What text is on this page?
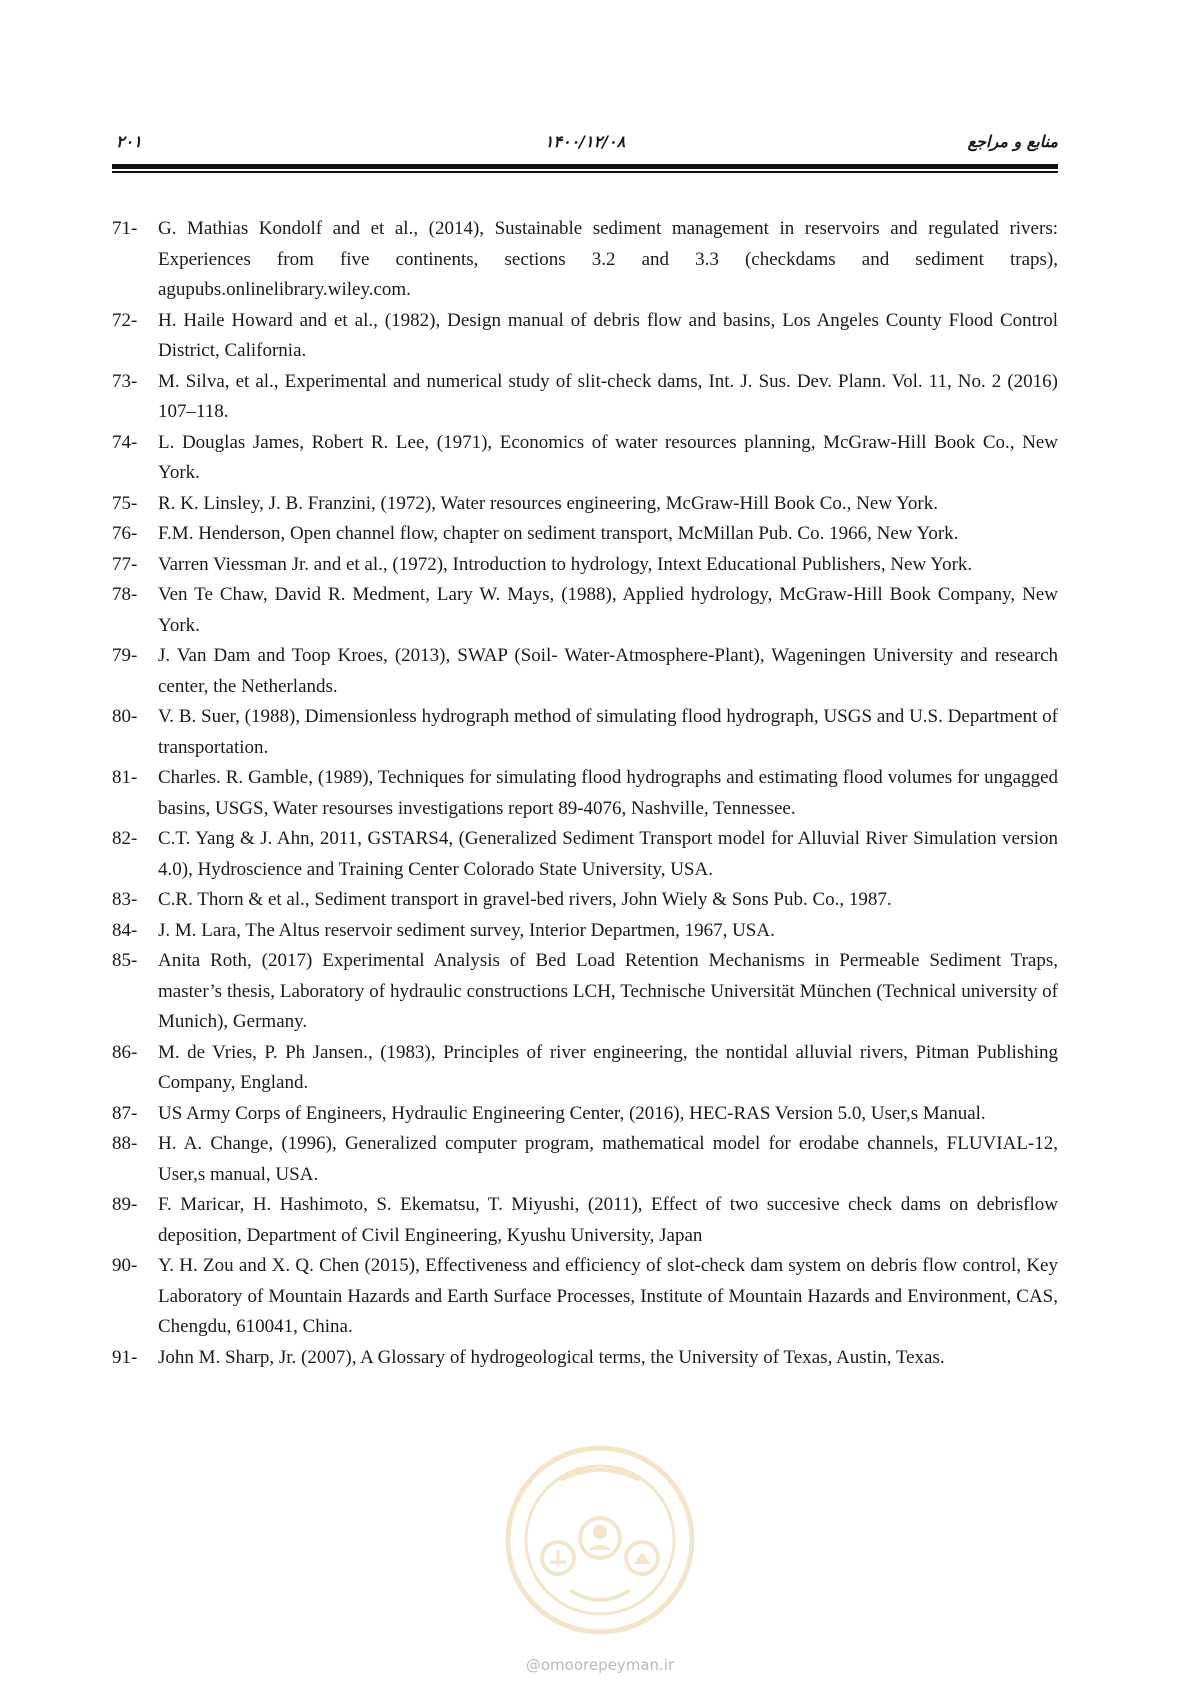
۲۰۱	۱۴۰۰/۱۲/۰۸	منابع و مراجع
71- G. Mathias Kondolf and et al., (2014), Sustainable sediment management in reservoirs and regulated rivers: Experiences from five continents, sections 3.2 and 3.3 (checkdams and sediment traps), agupubs.onlinelibrary.wiley.com.
72- H. Haile Howard and et al., (1982), Design manual of debris flow and basins, Los Angeles County Flood Control District, California.
73- M. Silva, et al., Experimental and numerical study of slit-check dams, Int. J. Sus. Dev. Plann. Vol. 11, No. 2 (2016) 107–118.
74- L. Douglas James, Robert R. Lee, (1971), Economics of water resources planning, McGraw-Hill Book Co., New York.
75- R. K. Linsley, J. B. Franzini, (1972), Water resources engineering, McGraw-Hill Book Co., New York.
76- F.M. Henderson, Open channel flow, chapter on sediment transport, McMillan Pub. Co. 1966, New York.
77- Varren Viessman Jr. and et al., (1972), Introduction to hydrology, Intext Educational Publishers, New York.
78- Ven Te Chaw, David R. Medment, Lary W. Mays, (1988), Applied hydrology, McGraw-Hill Book Company, New York.
79- J. Van Dam and Toop Kroes, (2013), SWAP (Soil- Water-Atmosphere-Plant), Wageningen University and research center, the Netherlands.
80- V. B. Suer, (1988), Dimensionless hydrograph method of simulating flood hydrograph, USGS and U.S. Department of transportation.
81- Charles. R. Gamble, (1989), Techniques for simulating flood hydrographs and estimating flood volumes for ungagged basins, USGS, Water resourses investigations report 89-4076, Nashville, Tennessee.
82- C.T. Yang & J. Ahn, 2011, GSTARS4, (Generalized Sediment Transport model for Alluvial River Simulation version 4.0), Hydroscience and Training Center Colorado State University, USA.
83- C.R. Thorn & et al., Sediment transport in gravel-bed rivers, John Wiely & Sons Pub. Co., 1987.
84- J. M. Lara, The Altus reservoir sediment survey, Interior Departmen, 1967, USA.
85- Anita Roth, (2017) Experimental Analysis of Bed Load Retention Mechanisms in Permeable Sediment Traps, master’s thesis, Laboratory of hydraulic constructions LCH, Technische Universität München (Technical university of Munich), Germany.
86- M. de Vries, P. Ph Jansen., (1983), Principles of river engineering, the nontidal alluvial rivers, Pitman Publishing Company, England.
87- US Army Corps of Engineers, Hydraulic Engineering Center, (2016), HEC-RAS Version 5.0, User,s Manual.
88- H. A. Change, (1996), Generalized computer program, mathematical model for erodabe channels, FLUVIAL-12, User,s manual, USA.
89- F. Maricar, H. Hashimoto, S. Ekematsu, T. Miyushi, (2011), Effect of two succesive check dams on debrisflow deposition, Department of Civil Engineering, Kyushu University, Japan
90- Y. H. Zou and X. Q. Chen (2015), Effectiveness and efficiency of slot-check dam system on debris flow control, Key Laboratory of Mountain Hazards and Earth Surface Processes, Institute of Mountain Hazards and Environment, CAS, Chengdu, 610041, China.
91- John M. Sharp, Jr. (2007), A Glossary of hydrogeological terms, the University of Texas, Austin, Texas.
@omoorepeyman.ir
